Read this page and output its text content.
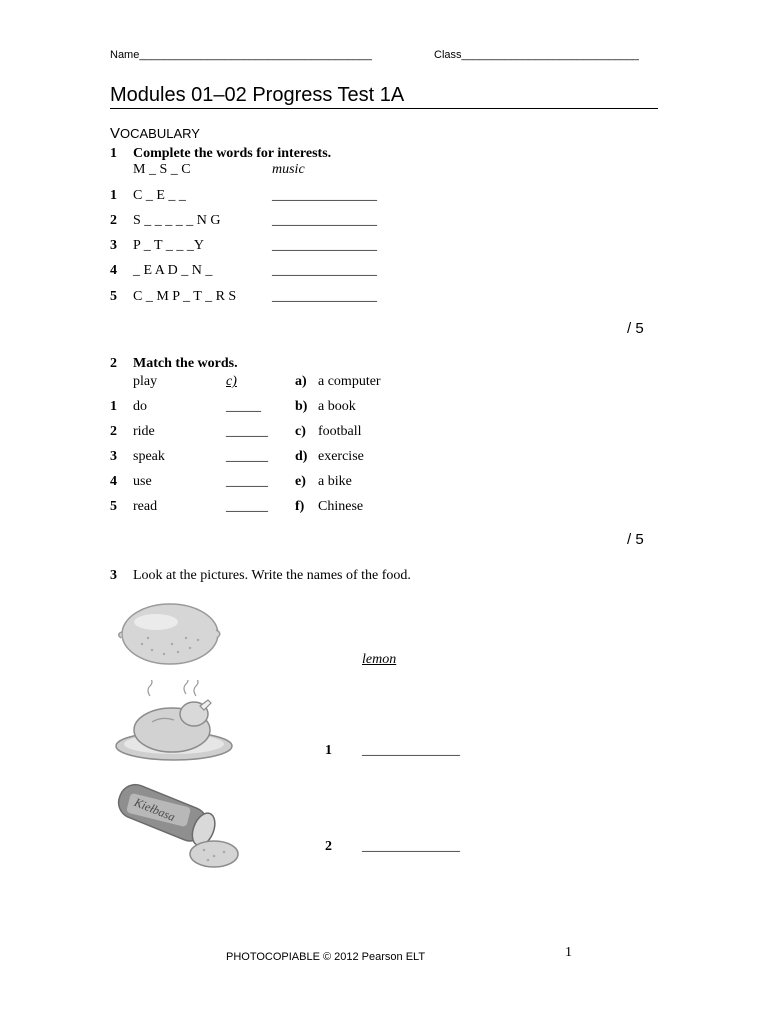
Name______________________________________	Class_____________________________
Modules 01–02 Progress Test 1A
VOCABULARY
1 Complete the words for interests.
M _ S _ C	music
1 C _ E _ _	_______________
2 S _ _ _ _ _ N G	_______________
3 P _ T _ _ _Y	_______________
4 _ E A D _ N _	_______________
5 C _ M P _ T _ R S	_______________
/ 5
2 Match the words.
play	c)	a) a computer
1 do	_____ b) a book
2 ride	______ c) football
3 speak	______ d) exercise
4 use	______ e) a bike
5 read	______ f) Chinese
/ 5
3 Look at the pictures. Write the names of the food.
lemon
1 ______________
Kiełbasa
2 ______________
PHOTOCOPIABLE © 2012 Pearson ELT	1
